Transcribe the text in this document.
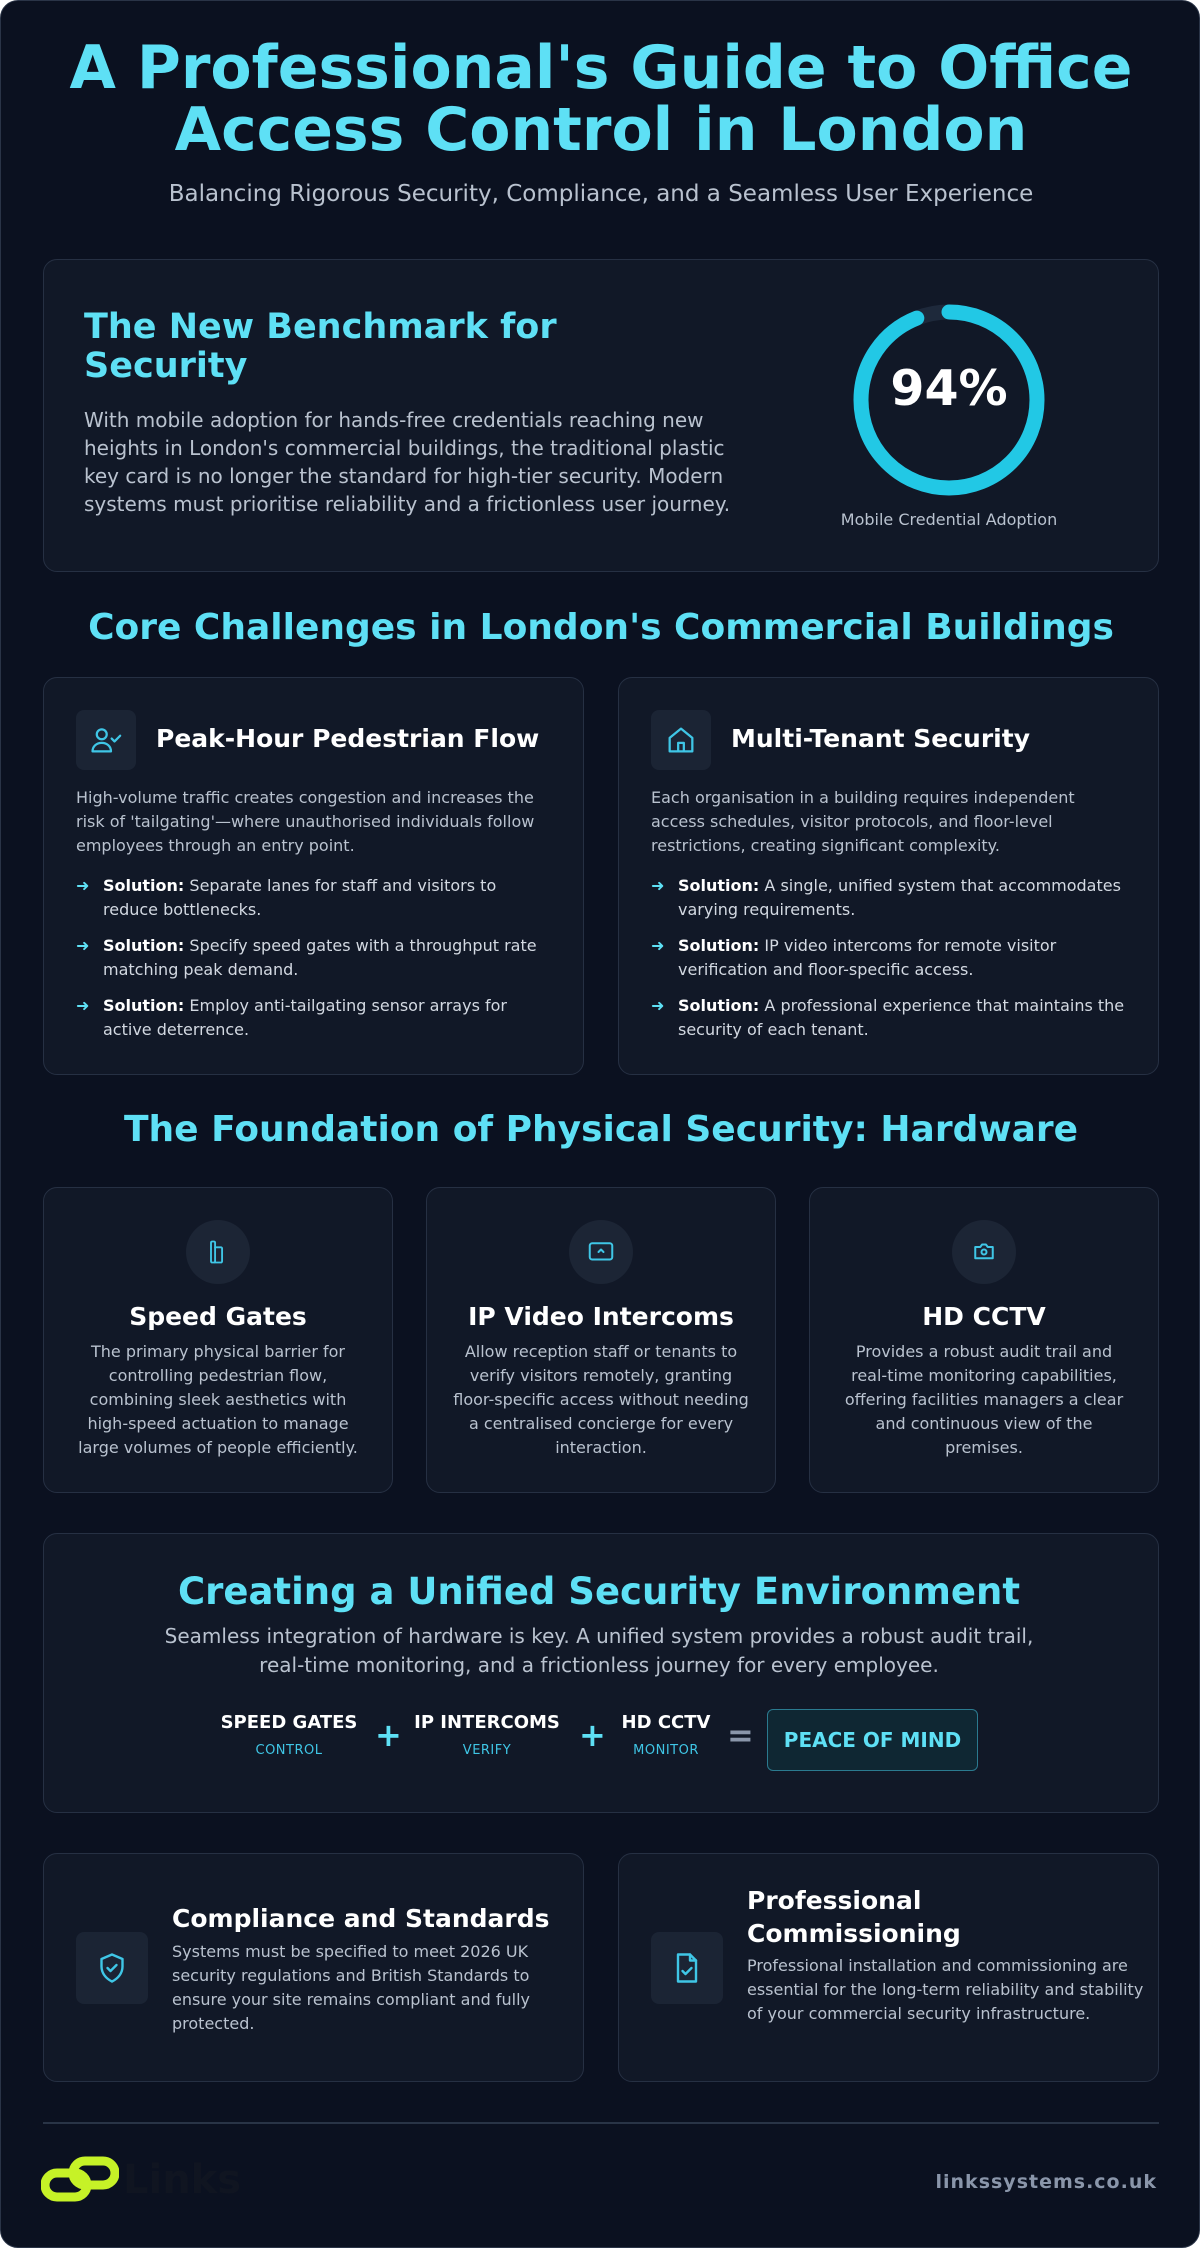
A Professional's Guide to Office Access Control in London
Balancing Rigorous Security, Compliance, and a Seamless User Experience
The New Benchmark for Security
With mobile adoption for hands-free credentials reaching new heights in London's commercial buildings, the traditional plastic key card is no longer the standard for high-tier security. Modern systems must prioritise reliability and a frictionless user journey.
94%
Mobile Credential Adoption
Core Challenges in London's Commercial Buildings
Peak-Hour Pedestrian Flow
High-volume traffic creates congestion and increases the risk of 'tailgating'—where unauthorised individuals follow employees through an entry point.
➜ Solution: Separate lanes for staff and visitors to reduce bottlenecks.
➜ Solution: Specify speed gates with a throughput rate matching peak demand.
➜ Solution: Employ anti-tailgating sensor arrays for active deterrence.
Multi-Tenant Security
Each organisation in a building requires independent access schedules, visitor protocols, and floor-level restrictions, creating significant complexity.
➜ Solution: A single, unified system that accommodates varying requirements.
➜ Solution: IP video intercoms for remote visitor verification and floor-specific access.
➜ Solution: A professional experience that maintains the security of each tenant.
The Foundation of Physical Security: Hardware
Speed Gates
The primary physical barrier for controlling pedestrian flow, combining sleek aesthetics with high-speed actuation to manage large volumes of people efficiently.
IP Video Intercoms
Allow reception staff or tenants to verify visitors remotely, granting floor-specific access without needing a centralised concierge for every interaction.
HD CCTV
Provides a robust audit trail and real-time monitoring capabilities, offering facilities managers a clear and continuous view of the premises.
Creating a Unified Security Environment
Seamless integration of hardware is key. A unified system provides a robust audit trail, real-time monitoring, and a frictionless journey for every employee.
SPEED GATES
CONTROL	+ IP INTERCOMS
VERIFY	+ HD CCTV
MONITOR =	PEACE OF MIND
Compliance and Standards
Systems must be specified to meet 2026 UK security regulations and British Standards to ensure your site remains compliant and fully protected.
Professional Commissioning
Professional installation and commissioning are essential for the long-term reliability and stability of your commercial security infrastructure.
Links	linkssystems.co.uk
